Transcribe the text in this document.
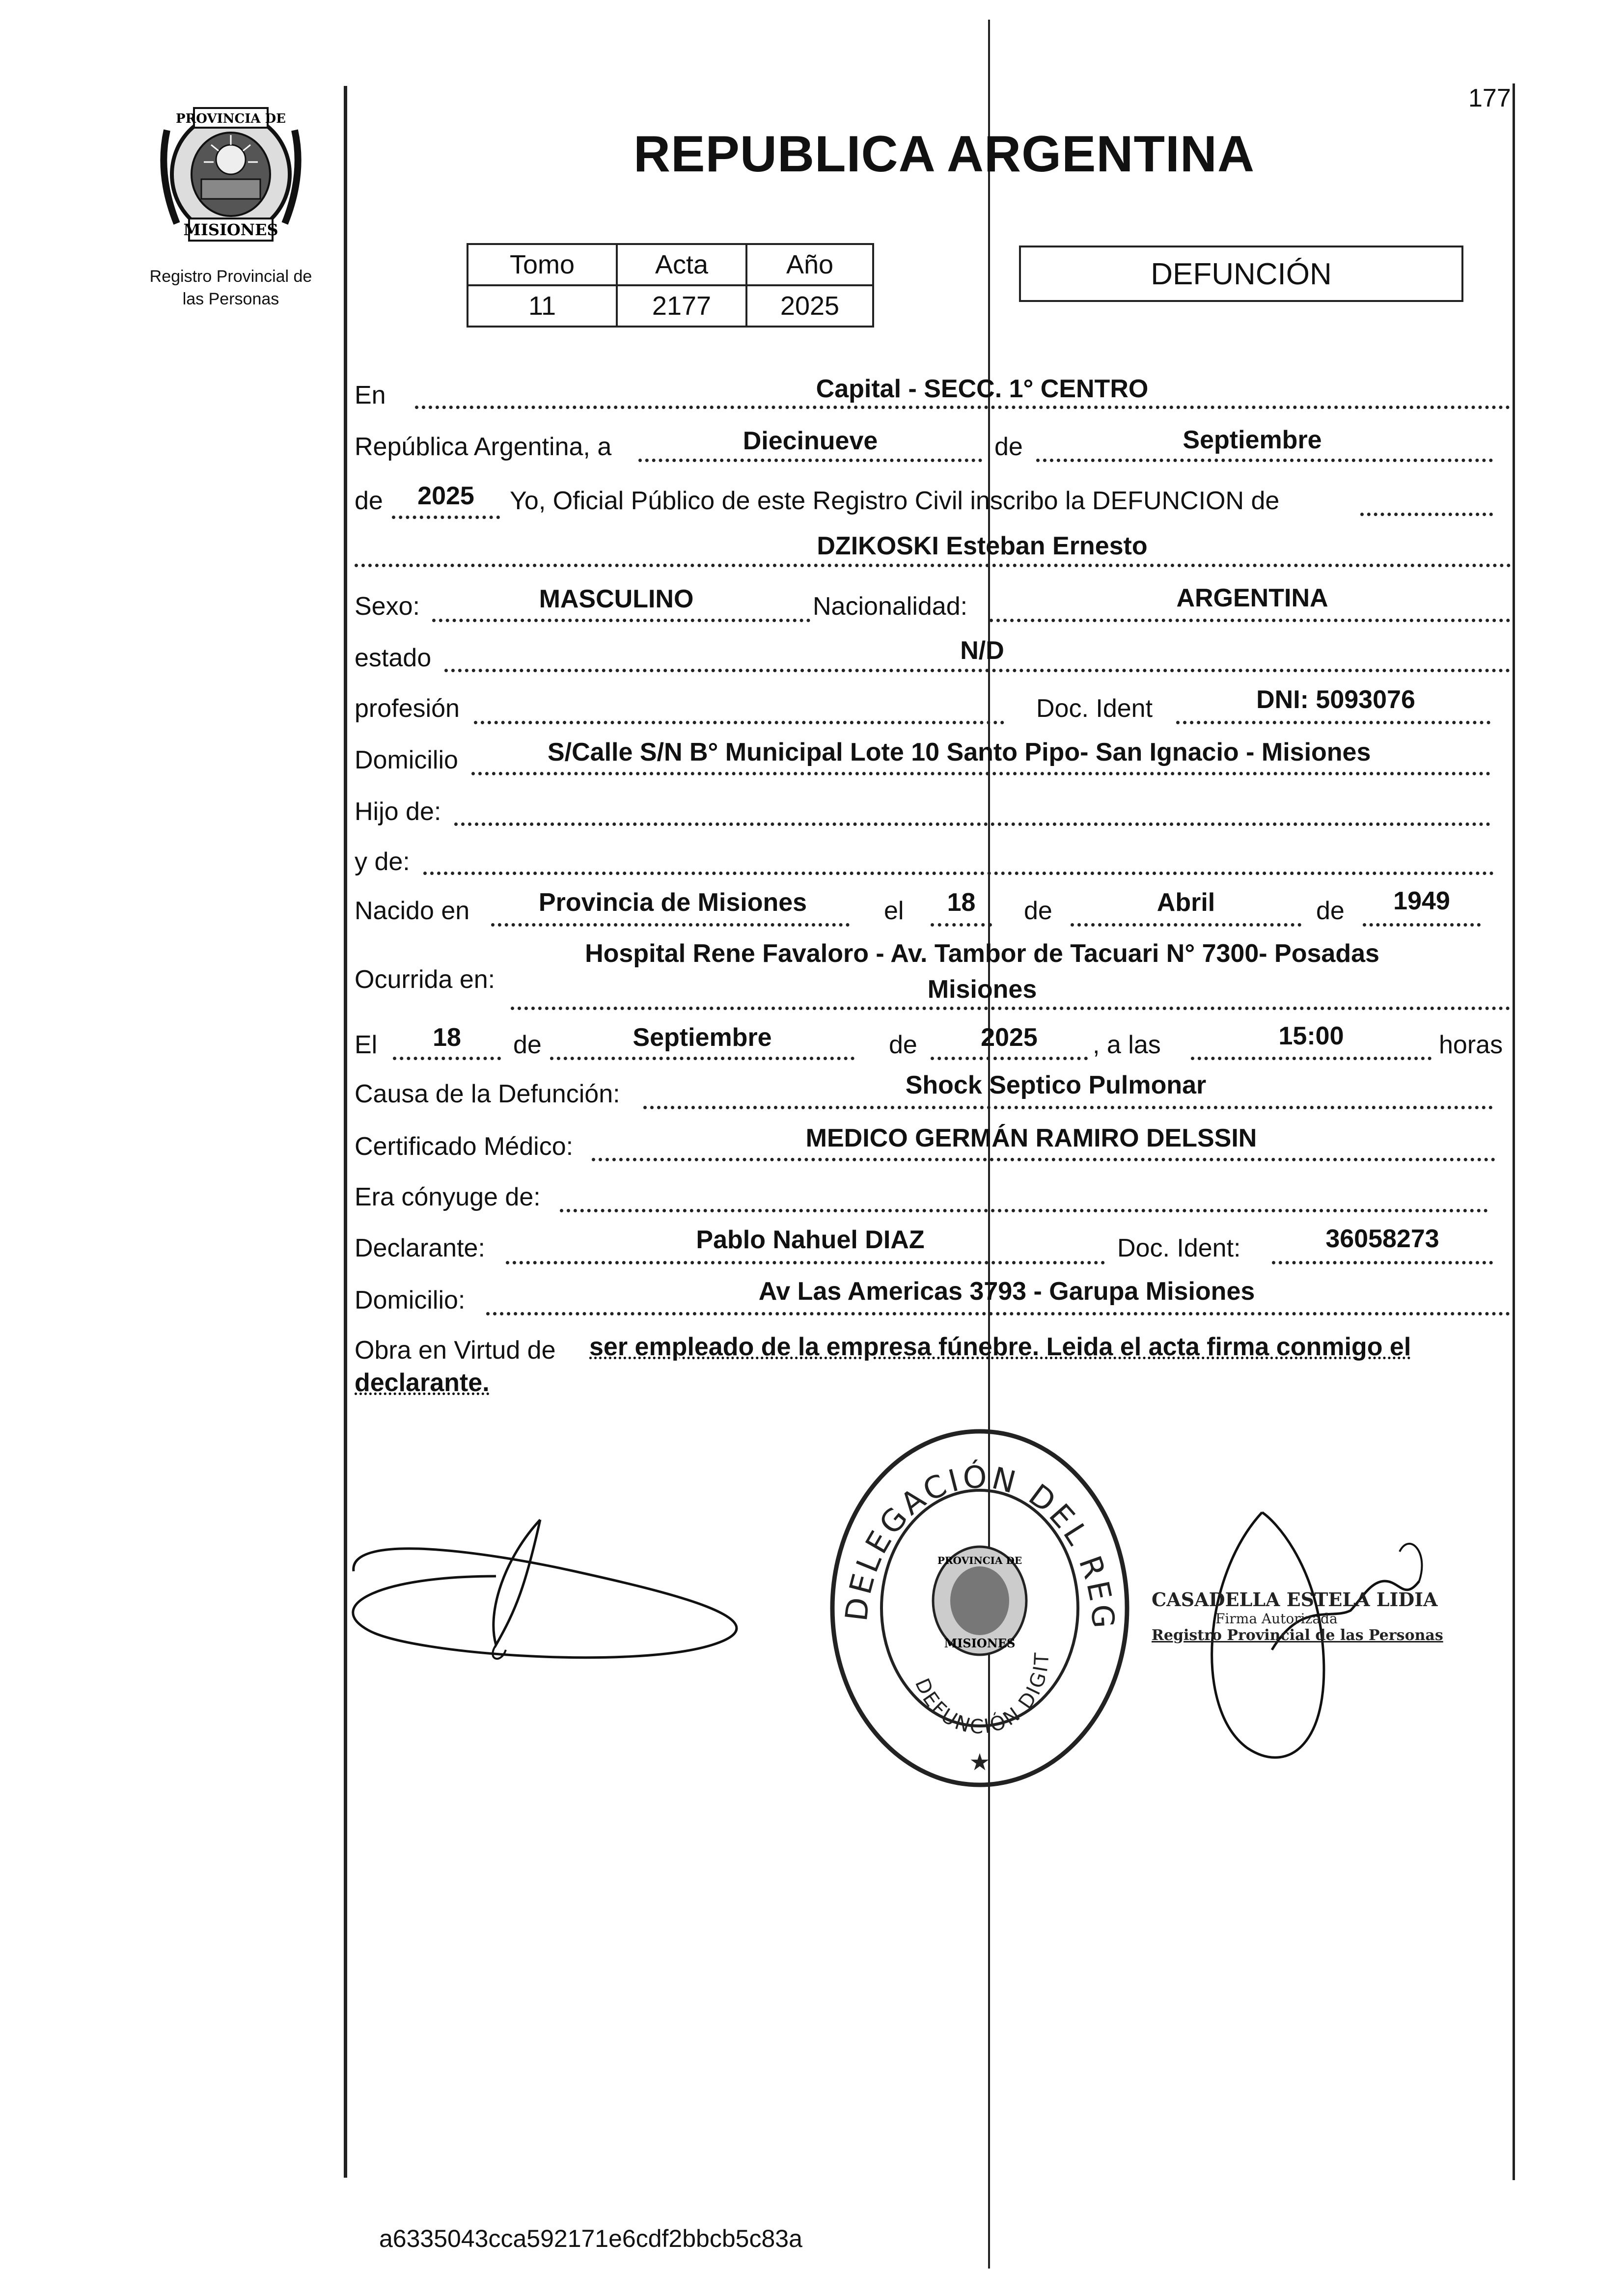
177
PROVINCIA DE
MISIONES
Registro Provincial de
las Personas
REPUBLICA ARGENTINA
Tomo	Acta	Año
11	2177	2025
DEFUNCIÓN
En	Capital - SECC. 1° CENTRO
República Argentina, a	Diecinueve	de	Septiembre
de	2025	Yo, Oficial Público de este Registro Civil inscribo la DEFUNCION de
DZIKOSKI Esteban Ernesto
Sexo:	MASCULINO	Nacionalidad:	ARGENTINA
estado	N/D
profesión	Doc. Ident	DNI: 5093076
Domicilio	S/Calle S/N B° Municipal Lote 10 Santo Pipo- San Ignacio - Misiones
Hijo de:
y de:
Nacido en	Provincia de Misiones	el	18	de	Abril	de	1949
Ocurrida en:
Hospital Rene Favaloro - Av. Tambor de Tacuari N° 7300- Posadas
Misiones
El	18	de	Septiembre	de	2025	, a las	15:00	horas
Causa de la Defunción:	Shock Septico Pulmonar
Certificado Médico:	MEDICO GERMÁN RAMIRO DELSSIN
Era cónyuge de:
Declarante:	Pablo Nahuel DIAZ	Doc. Ident:	36058273
Domicilio:	Av Las Americas 3793 - Garupa Misiones
Obra en Virtud de ser empleado de la empresa fúnebre. Leida el acta firma conmigo el
declarante.
DELEGACIÓN DEL REG
DEFUNCIÓN DIGIT
PROVINCIA DE
MISIONES
★
CASADELLA ESTELA LIDIA
Firma Autorizada
Registro Provincial de las Personas
a6335043cca592171e6cdf2bbcb5c83a
